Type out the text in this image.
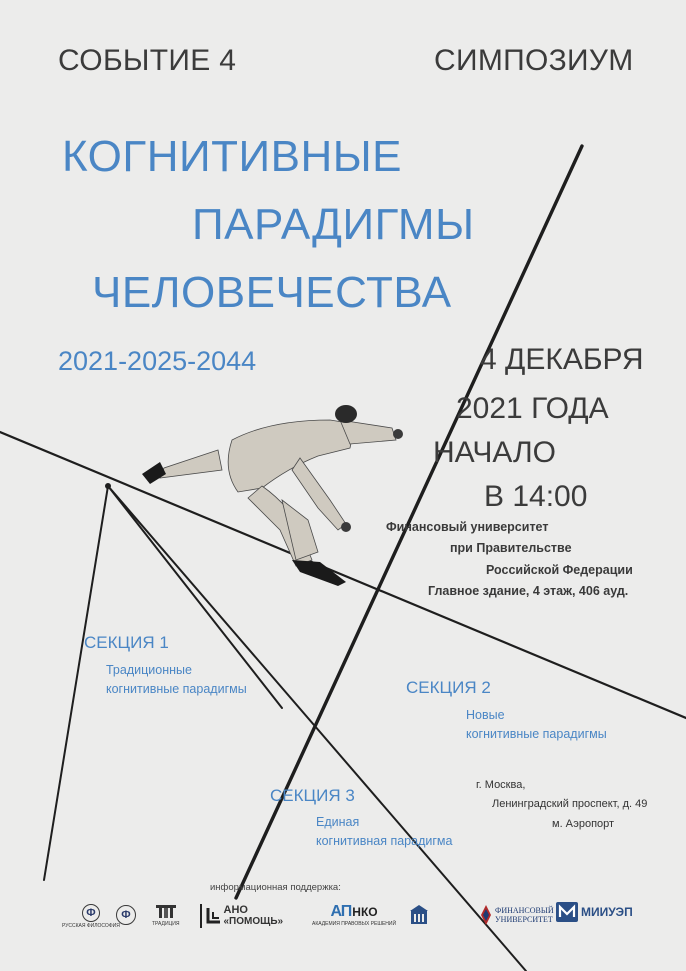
СОБЫТИЕ 4	СИМПОЗИУМ

КОГНИТИВНЫЕ

ПАРАДИГМЫ

ЧЕЛОВЕЧЕСТВА

2021-2025-2044	4 ДЕКАБРЯ

2021 ГОДА

НАЧАЛО

В 14:00

Финансовый университет

при Правительстве

Российской Федерации

Главное здание, 4 этаж, 406 ауд.

СЕКЦИЯ 1

Традиционные

когнитивные парадигмы	СЕКЦИЯ 2

Новые

когнитивные парадигмы

СЕКЦИЯ 3

Единая

когнитивная парадигма

г. Москва,

Ленинградский проспект, д. 49

м. Аэропорт

информационная поддержка:

Ф
РУССКАЯ ФИЛОСОФИЯ
Ф
ТРАДИЦИЯ
АНО
«ПОМОЩЬ»
АП НКО
АКАДЕМИЯ ПРАВОВЫХ РЕШЕНИЙ
ФИНАНСОВЫЙ
УНИВЕРСИТЕТ
МИИУЭП
